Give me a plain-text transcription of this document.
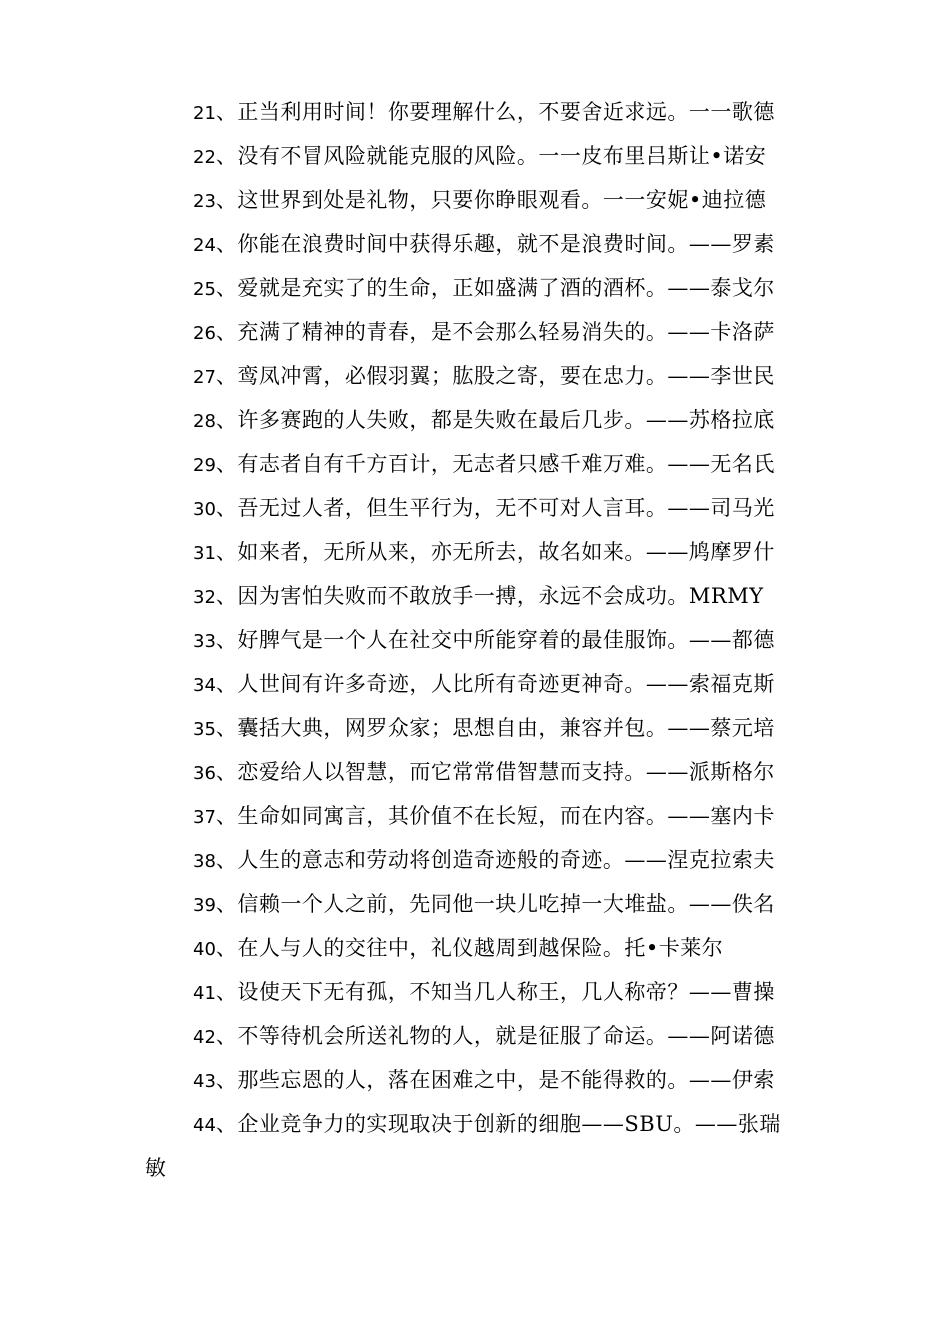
21、正当利用时间！你要理解什么，不要舍近求远。一一歌德
22、没有不冒风险就能克服的风险。一一皮布里吕斯让•诺安
23、这世界到处是礼物，只要你睁眼观看。一一安妮•迪拉德
24、你能在浪费时间中获得乐趣，就不是浪费时间。——罗素
25、爱就是充实了的生命，正如盛满了酒的酒杯。——泰戈尔
26、充满了精神的青春，是不会那么轻易消失的。——卡洛萨
27、鸾凤冲霄，必假羽翼；肱股之寄，要在忠力。——李世民
28、许多赛跑的人失败，都是失败在最后几步。——苏格拉底
29、有志者自有千方百计，无志者只感千难万难。——无名氏
30、吾无过人者，但生平行为，无不可对人言耳。——司马光
31、如来者，无所从来，亦无所去，故名如来。——鸠摩罗什
32、因为害怕失败而不敢放手一搏，永远不会成功。MRMY
33、好脾气是一个人在社交中所能穿着的最佳服饰。——都德
34、人世间有许多奇迹，人比所有奇迹更神奇。——索福克斯
35、囊括大典，网罗众家；思想自由，兼容并包。——蔡元培
36、恋爱给人以智慧，而它常常借智慧而支持。——派斯格尔
37、生命如同寓言，其价值不在长短，而在内容。——塞内卡
38、人生的意志和劳动将创造奇迹般的奇迹。——涅克拉索夫
39、信赖一个人之前，先同他一块儿吃掉一大堆盐。——佚名
40、在人与人的交往中，礼仪越周到越保险。托•卡莱尔
41、设使天下无有孤，不知当几人称王，几人称帝？——曹操
42、不等待机会所送礼物的人，就是征服了命运。——阿诺德
43、那些忘恩的人，落在困难之中，是不能得救的。——伊索
44、企业竞争力的实现取决于创新的细胞——SBU。——张瑞
敏
